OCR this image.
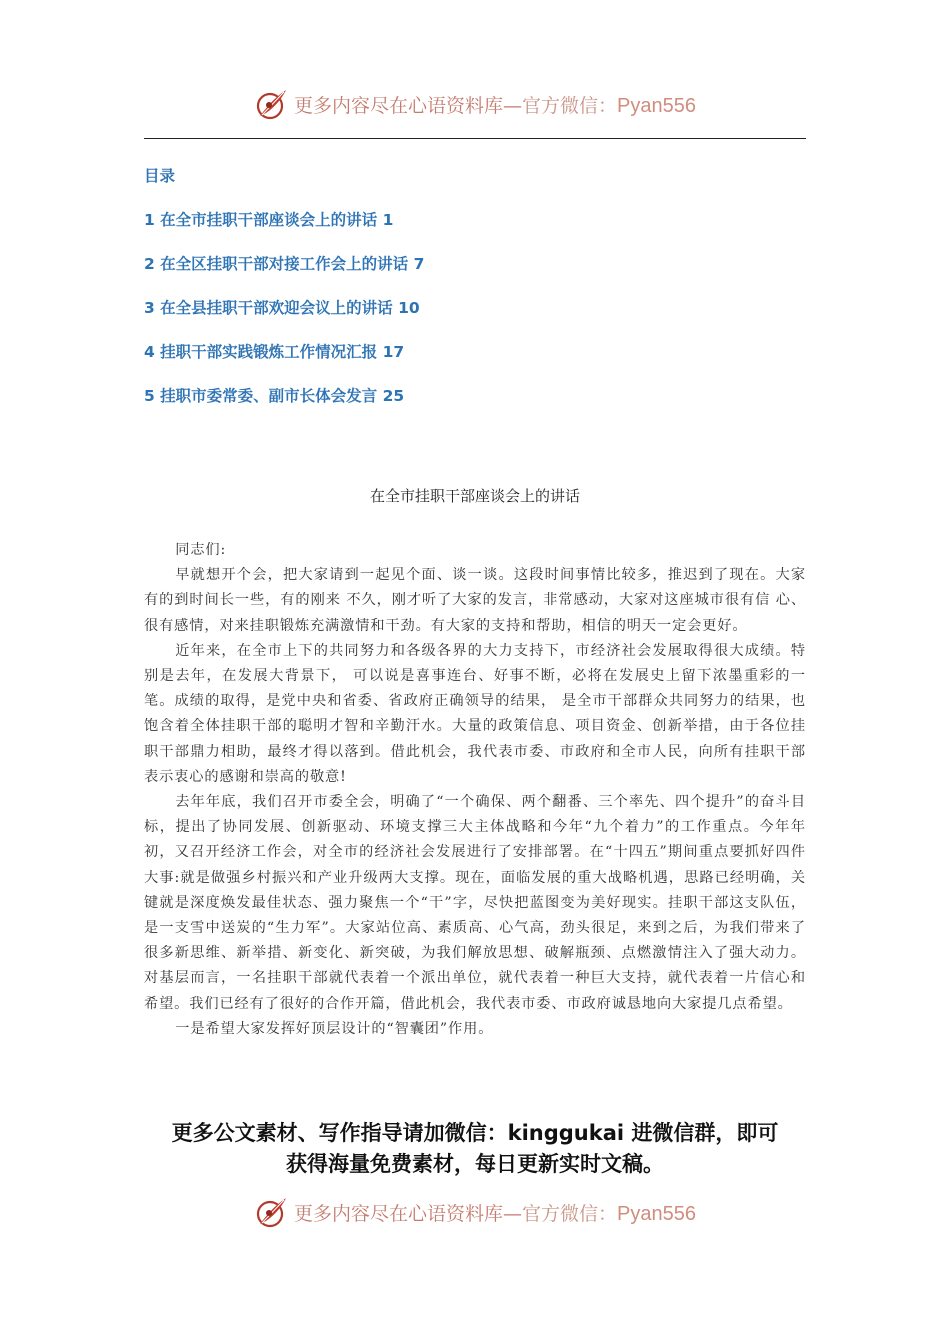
更多内容尽在心语资料库—官方微信：Pyan556
目录
1 在全市挂职干部座谈会上的讲话 1
2 在全区挂职干部对接工作会上的讲话 7
3 在全县挂职干部欢迎会议上的讲话 10
4 挂职干部实践锻炼工作情况汇报 17
5 挂职市委常委、副市长体会发言 25
在全市挂职干部座谈会上的讲话

同志们:

早就想开个会，把大家请到一起见个面、谈一谈。这段时间事情比较多，推迟到了现在。大家有的到时间长一些，有的刚来 不久，刚才听了大家的发言，非常感动，大家对这座城市很有信 心、很有感情，对来挂职锻炼充满激情和干劲。有大家的支持和帮助，相信的明天一定会更好。

近年来，在全市上下的共同努力和各级各界的大力支持下，市经济社会发展取得很大成绩。特别是去年，在发展大背景下， 可以说是喜事连台、好事不断，必将在发展史上留下浓墨重彩的一笔。成绩的取得，是党中央和省委、省政府正确领导的结果， 是全市干部群众共同努力的结果，也饱含着全体挂职干部的聪明才智和辛勤汗水。大量的政策信息、项目资金、创新举措，由于各位挂职干部鼎力相助，最终才得以落到。借此机会，我代表市委、市政府和全市人民，向所有挂职干部表示衷心的感谢和崇高的敬意!

去年年底，我们召开市委全会，明确了“一个确保、两个翻番、三个率先、四个提升”的奋斗目标，提出了协同发展、创新驱动、环境支撑三大主体战略和今年“九个着力”的工作重点。今年年初，又召开经济工作会，对全市的经济社会发展进行了安排部署。在“十四五”期间重点要抓好四件大事:就是做强乡村振兴和产业升级两大支撑。现在，面临发展的重大战略机遇，思路已经明确，关键就是深度焕发最佳状态、强力聚焦一个“干”字，尽快把蓝图变为美好现实。挂职干部这支队伍，是一支雪中送炭的“生力军”。大家站位高、素质高、心气高，劲头很足，来到之后，为我们带来了很多新思维、新举措、新变化、新突破，为我们解放思想、破解瓶颈、点燃激情注入了强大动力。对基层而言，一名挂职干部就代表着一个派出单位，就代表着一种巨大支持，就代表着一片信心和希望。我们已经有了很好的合作开篇，借此机会，我代表市委、市政府诚恳地向大家提几点希望。

一是希望大家发挥好顶层设计的“智囊团”作用。

更多公文素材、写作指导请加微信：kinggukai 进微信群，即可
获得海量免费素材，每日更新实时文稿。
更多内容尽在心语资料库—官方微信：Pyan556
